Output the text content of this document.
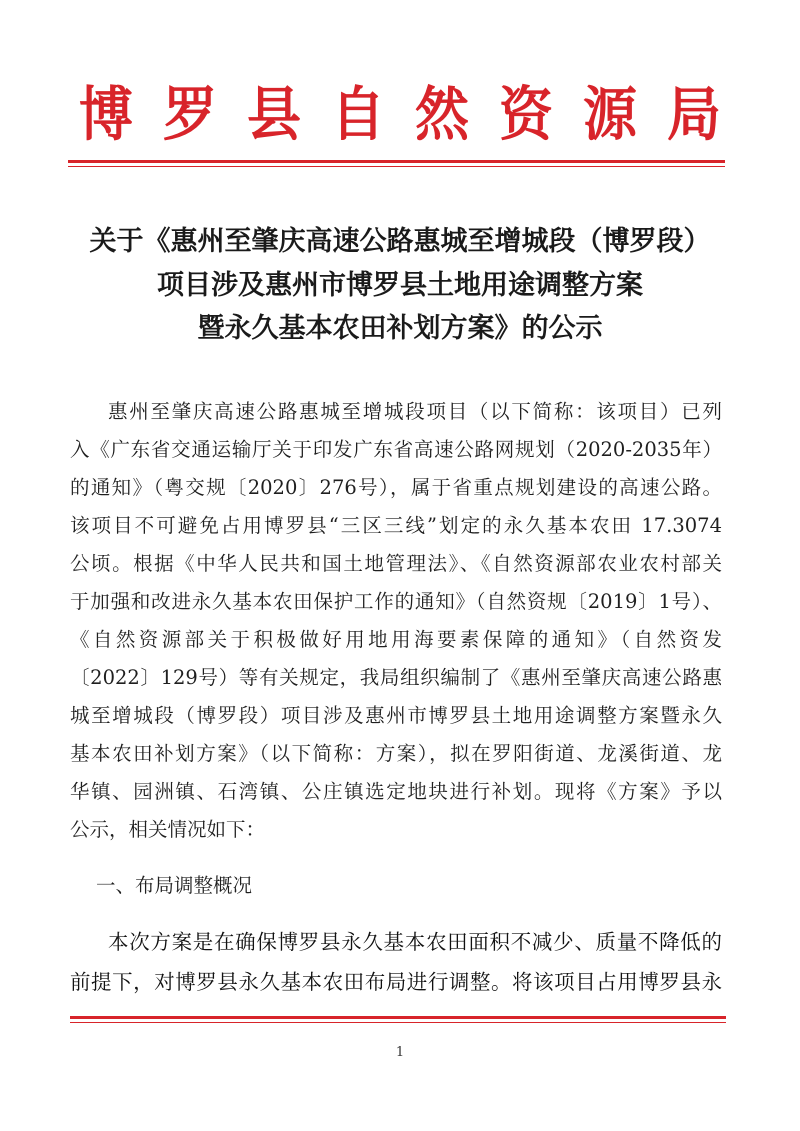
博 罗 县 自 然 资 源 局
关于《惠州至肇庆高速公路惠城至增城段（博罗段）
项目涉及惠州市博罗县土地用途调整方案
暨永久基本农田补划方案》的公示
惠州至肇庆高速公路惠城至增城段项目（以下简称：该项目）已列
入《广东省交通运输厅关于印发广东省高速公路网规划（2020-2035年）
的通知》（粤交规〔2020〕276号），属于省重点规划建设的高速公路。
该项目不可避免占用博罗县“三区三线”划定的永久基本农田 17.3074
公顷。根据《中华人民共和国土地管理法》、《自然资源部农业农村部关
于加强和改进永久基本农田保护工作的通知》（自然资规〔2019〕1号）、
《自然资源部关于积极做好用地用海要素保障的通知》（自然资发
〔2022〕129号）等有关规定，我局组织编制了《惠州至肇庆高速公路惠
城至增城段（博罗段）项目涉及惠州市博罗县土地用途调整方案暨永久
基本农田补划方案》（以下简称：方案），拟在罗阳街道、龙溪街道、龙
华镇、园洲镇、石湾镇、公庄镇选定地块进行补划。现将《方案》予以
公示，相关情况如下：
一、布局调整概况
本次方案是在确保博罗县永久基本农田面积不减少、质量不降低的
前提下，对博罗县永久基本农田布局进行调整。将该项目占用博罗县永
1
